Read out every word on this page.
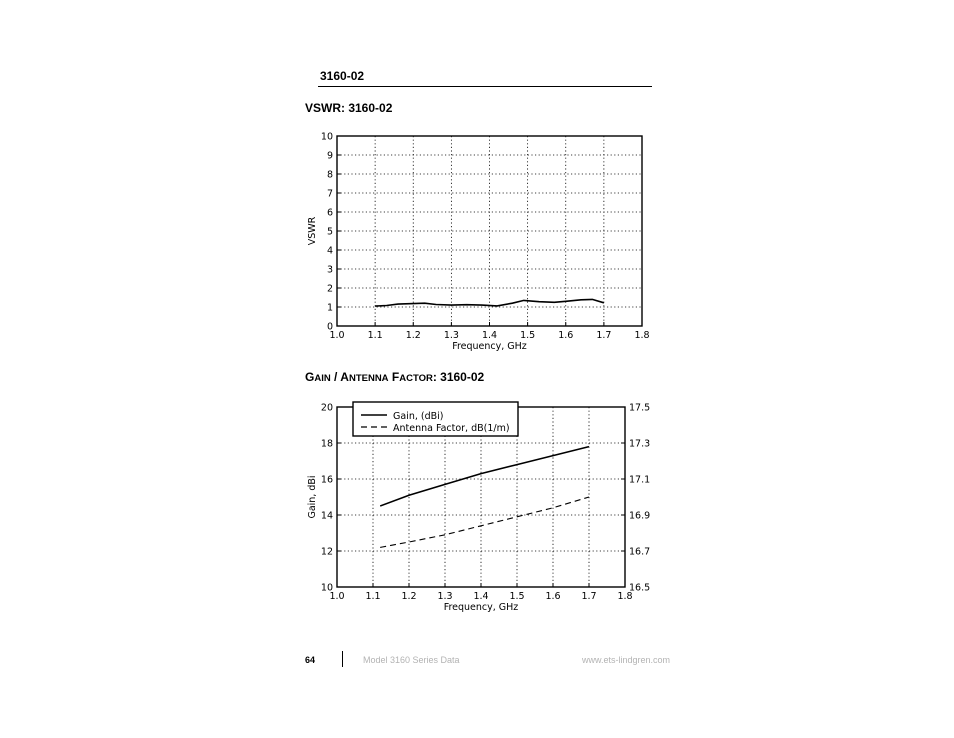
3160-02
VSWR: 3160-02
1.0 1.1 1.2 1.3 1.4 1.5 1.6 1.7 1.8
0
1
2
3
4
5
6
7
8
9
10
Frequency, GHz
VSWR
GAIN / ANTENNA FACTOR: 3160-02
1.0 1.1 1.2 1.3 1.4 1.5 1.6 1.7 1.8
10
12
14
16
18
20
16.5
16.7
16.9
17.1
17.3
17.5
Frequency, GHz
Gain, dBi
Gain, (dBi)
Antenna Factor, dB(1/m)
64	Model 3160 Series Data	www.ets-lindgren.com
